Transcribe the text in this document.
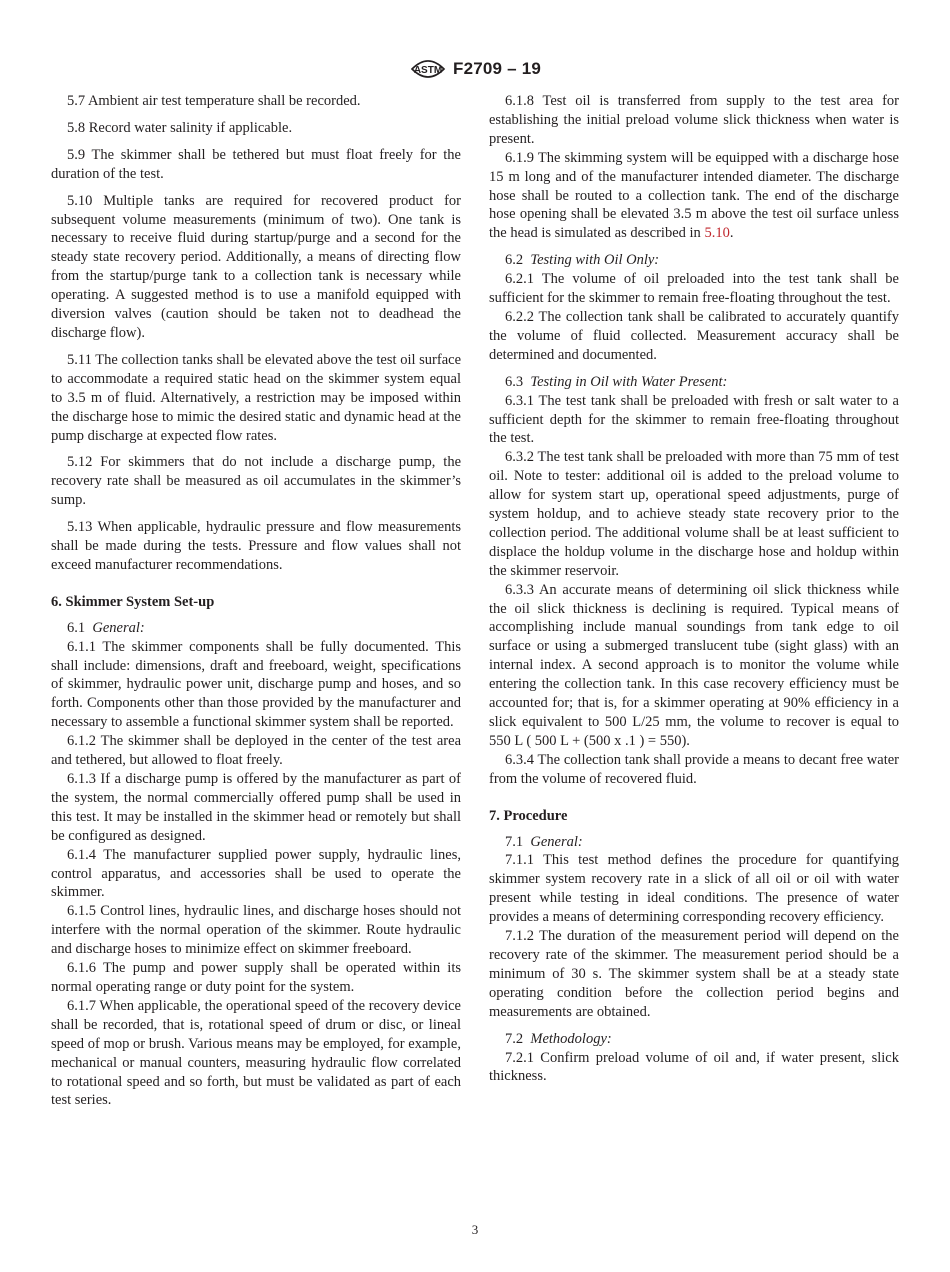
ASTM F2709 – 19

5.7 Ambient air test temperature shall be recorded.

5.8 Record water salinity if applicable.

5.9 The skimmer shall be tethered but must float freely for the duration of the test.

5.10 Multiple tanks are required for recovered product for subsequent volume measurements (minimum of two). One tank is necessary to receive fluid during startup/purge and a second for the steady state recovery period. Additionally, a means of directing flow from the startup/purge tank to a collection tank is necessary while operating. A suggested method is to use a manifold equipped with diversion valves (caution should be taken not to deadhead the discharge flow).

5.11 The collection tanks shall be elevated above the test oil surface to accommodate a required static head on the skimmer system equal to 3.5 m of fluid. Alternatively, a restriction may be imposed within the discharge hose to mimic the desired static and dynamic head at the pump discharge at expected flow rates.

5.12 For skimmers that do not include a discharge pump, the recovery rate shall be measured as oil accumulates in the skimmer’s sump.

5.13 When applicable, hydraulic pressure and flow measurements shall be made during the tests. Pressure and flow values shall not exceed manufacturer recommendations.

6. Skimmer System Set-up

6.1 General:

6.1.1 The skimmer components shall be fully documented. This shall include: dimensions, draft and freeboard, weight, specifications of skimmer, hydraulic power unit, discharge pump and hoses, and so forth. Components other than those provided by the manufacturer and necessary to assemble a functional skimmer system shall be reported.

6.1.2 The skimmer shall be deployed in the center of the test area and tethered, but allowed to float freely.

6.1.3 If a discharge pump is offered by the manufacturer as part of the system, the normal commercially offered pump shall be used in this test. It may be installed in the skimmer head or remotely but shall be configured as designed.

6.1.4 The manufacturer supplied power supply, hydraulic lines, control apparatus, and accessories shall be used to operate the skimmer.

6.1.5 Control lines, hydraulic lines, and discharge hoses should not interfere with the normal operation of the skimmer. Route hydraulic and discharge hoses to minimize effect on skimmer freeboard.

6.1.6 The pump and power supply shall be operated within its normal operating range or duty point for the system.

6.1.7 When applicable, the operational speed of the recovery device shall be recorded, that is, rotational speed of drum or disc, or lineal speed of mop or brush. Various means may be employed, for example, mechanical or manual counters, measuring hydraulic flow correlated to rotational speed and so forth, but must be validated as part of each test series.

6.1.8 Test oil is transferred from supply to the test area for establishing the initial preload volume slick thickness when water is present.

6.1.9 The skimming system will be equipped with a discharge hose 15 m long and of the manufacturer intended diameter. The discharge hose shall be routed to a collection tank. The end of the discharge hose opening shall be elevated 3.5 m above the test oil surface unless the head is simulated as described in 5.10.

6.2 Testing with Oil Only:

6.2.1 The volume of oil preloaded into the test tank shall be sufficient for the skimmer to remain free-floating throughout the test.

6.2.2 The collection tank shall be calibrated to accurately quantify the volume of fluid collected. Measurement accuracy shall be determined and documented.

6.3 Testing in Oil with Water Present:

6.3.1 The test tank shall be preloaded with fresh or salt water to a sufficient depth for the skimmer to remain free-floating throughout the test.

6.3.2 The test tank shall be preloaded with more than 75 mm of test oil. Note to tester: additional oil is added to the preload volume to allow for system start up, operational speed adjustments, purge of system holdup, and to achieve steady state recovery prior to the collection period. The additional volume shall be at least sufficient to displace the holdup volume in the discharge hose and holdup within the skimmer reservoir.

6.3.3 An accurate means of determining oil slick thickness while the oil slick thickness is declining is required. Typical means of accomplishing include manual soundings from tank edge to oil surface or using a submerged translucent tube (sight glass) with an internal index. A second approach is to monitor the volume while entering the collection tank. In this case recovery efficiency must be accounted for; that is, for a skimmer operating at 90% efficiency in a slick equivalent to 500 L/25 mm, the volume to recover is equal to 550 L ( 500 L + (500 x .1 ) = 550).

6.3.4 The collection tank shall provide a means to decant free water from the volume of recovered fluid.

7. Procedure

7.1 General:

7.1.1 This test method defines the procedure for quantifying skimmer system recovery rate in a slick of all oil or oil with water present while testing in ideal conditions. The presence of water provides a means of determining corresponding recovery efficiency.

7.1.2 The duration of the measurement period will depend on the recovery rate of the skimmer. The measurement period should be a minimum of 30 s. The skimmer system shall be at a steady state operating condition before the collection period begins and measurements are obtained.

7.2 Methodology:

7.2.1 Confirm preload volume of oil and, if water present, slick thickness.

3
